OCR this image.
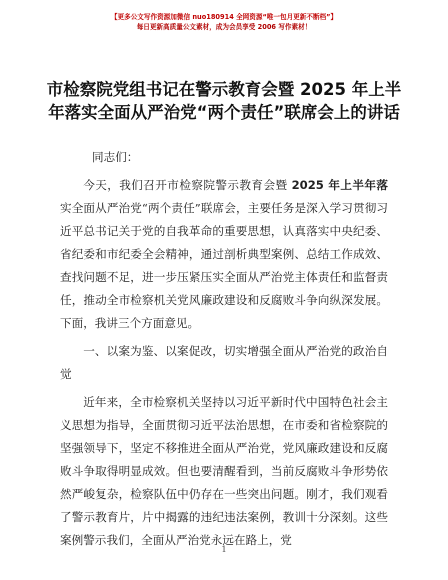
【更多公文写作资源加微信 nuo180914 全网资源“唯一包月更新不断档”】
每日更新高质量公文素材，成为会员享受 2006 写作素材！
市检察院党组书记在警示教育会暨 2025 年上半年落实全面从严治党“两个责任”联席会上的讲话

同志们：

今天，我们召开市检察院警示教育会暨 2025 年上半年落实全面从严治党“两个责任”联席会，主要任务是深入学习贯彻习近平总书记关于党的自我革命的重要思想，认真落实中央纪委、省纪委和市纪委全会精神，通过剖析典型案例、总结工作成效、查找问题不足，进一步压紧压实全面从严治党主体责任和监督责任，推动全市检察机关党风廉政建设和反腐败斗争向纵深发展。下面，我讲三个方面意见。

一、以案为鉴、以案促改，切实增强全面从严治党的政治自觉

近年来，全市检察机关坚持以习近平新时代中国特色社会主义思想为指导，全面贯彻习近平法治思想，在市委和省检察院的坚强领导下，坚定不移推进全面从严治党，党风廉政建设和反腐败斗争取得明显成效。但也要清醒看到，当前反腐败斗争形势依然严峻复杂，检察队伍中仍存在一些突出问题。刚才，我们观看了警示教育片，片中揭露的违纪违法案例，教训十分深刻。这些案例警示我们，全面从严治党永远在路上，党

1
